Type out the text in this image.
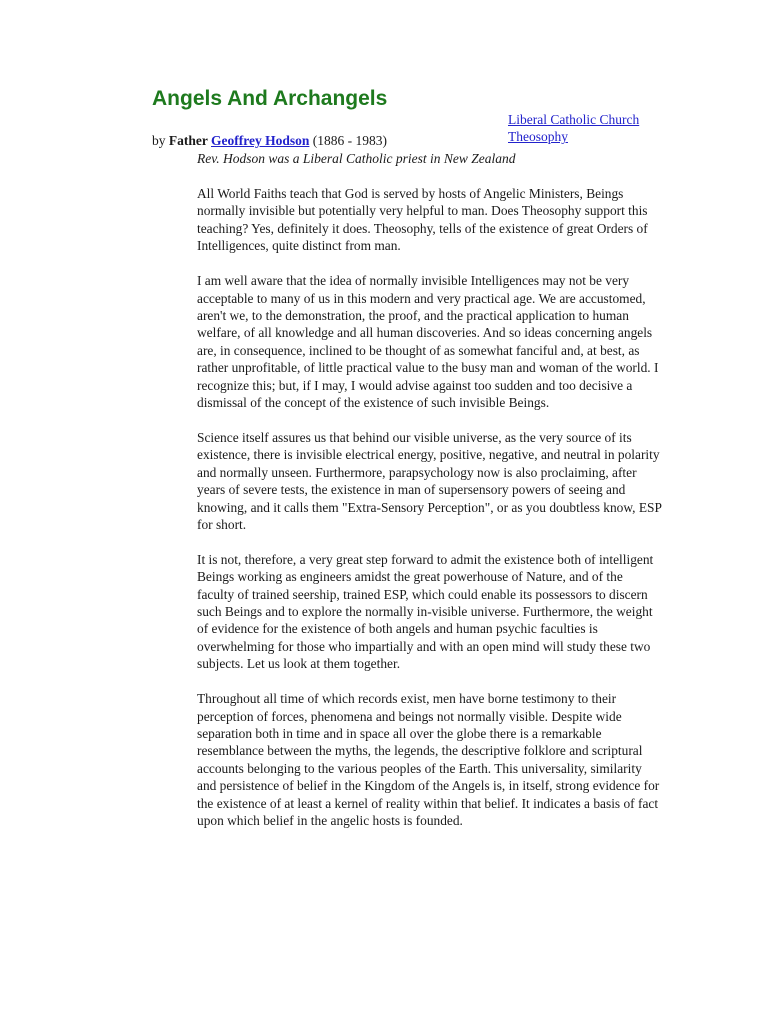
Angels And Archangels
Liberal Catholic Church
Theosophy
by Father Geoffrey Hodson (1886 - 1983)
Rev. Hodson was a Liberal Catholic priest in New Zealand

All World Faiths teach that God is served by hosts of Angelic Ministers, Beings normally invisible but potentially very helpful to man. Does Theosophy support this teaching? Yes, definitely it does. Theosophy, tells of the existence of great Orders of Intelligences, quite distinct from man.

I am well aware that the idea of normally invisible Intelligences may not be very acceptable to many of us in this modern and very practical age. We are accustomed, aren't we, to the demonstration, the proof, and the practical application to human welfare, of all knowledge and all human discoveries. And so ideas concerning angels are, in consequence, inclined to be thought of as somewhat fanciful and, at best, as rather unprofitable, of little practical value to the busy man and woman of the world. I recognize this; but, if I may, I would advise against too sudden and too decisive a dismissal of the concept of the existence of such invisible Beings.

Science itself assures us that behind our visible universe, as the very source of its existence, there is invisible electrical energy, positive, negative, and neutral in polarity and normally unseen. Furthermore, parapsychology now is also proclaiming, after years of severe tests, the existence in man of supersensory powers of seeing and knowing, and it calls them "Extra-Sensory Perception", or as you doubtless know, ESP for short.

It is not, therefore, a very great step forward to admit the existence both of intelligent Beings working as engineers amidst the great powerhouse of Nature, and of the faculty of trained seership, trained ESP, which could enable its possessors to discern such Beings and to explore the normally in-visible universe. Furthermore, the weight of evidence for the existence of both angels and human psychic faculties is overwhelming for those who impartially and with an open mind will study these two subjects. Let us look at them together.

Throughout all time of which records exist, men have borne testimony to their perception of forces, phenomena and beings not normally visible. Despite wide separation both in time and in space all over the globe there is a remarkable resemblance between the myths, the legends, the descriptive folklore and scriptural accounts belonging to the various peoples of the Earth. This universality, similarity and persistence of belief in the Kingdom of the Angels is, in itself, strong evidence for the existence of at least a kernel of reality within that belief. It indicates a basis of fact upon which belief in the angelic hosts is founded.
